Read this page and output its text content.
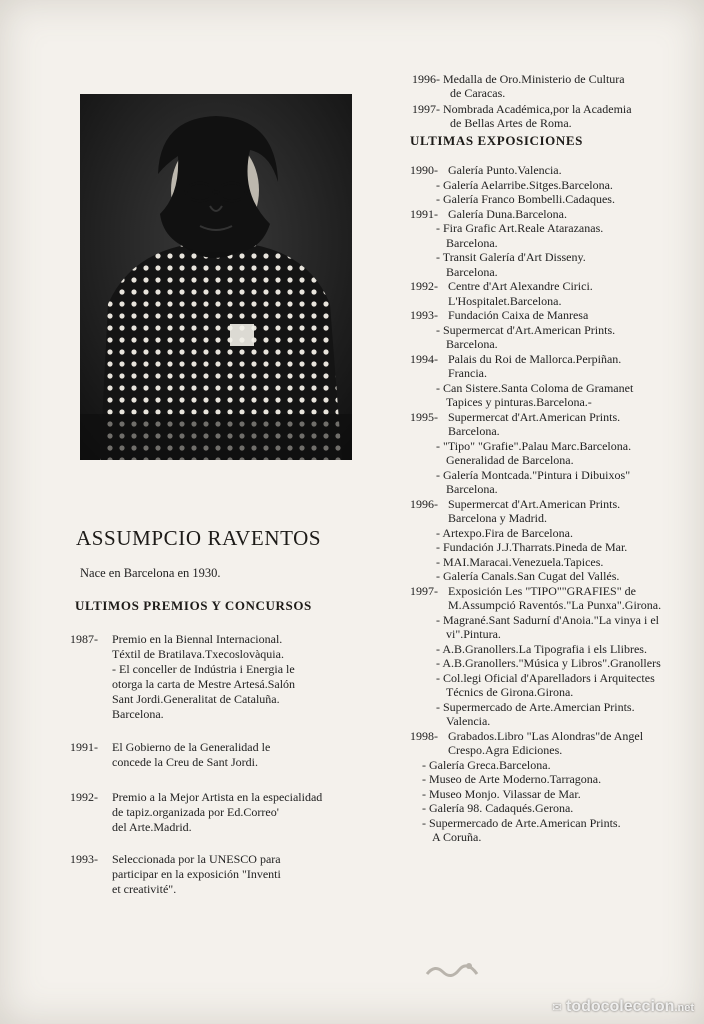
ASSUMPCIO RAVENTOS
Nace en Barcelona en 1930.
ULTIMOS PREMIOS Y CONCURSOS
1987- Premio en la Biennal Internacional.
Téxtil de Bratilava.Txecoslovàquia.
- El conceller de Indústria i Energia le
otorga la carta de Mestre Artesá.Salón
Sant Jordi.Generalitat de Cataluña.
Barcelona.
1991- El Gobierno de la Generalidad le
concede la Creu de Sant Jordi.
1992- Premio a la Mejor Artista en la especialidad
de tapiz.organizada por Ed.Correo'
del Arte.Madrid.
1993- Seleccionada por la UNESCO para
participar en la exposición "Inventi
et creativité".
1996- Medalla de Oro.Ministerio de Cultura
de Caracas.
1997- Nombrada Académica,por la Academia
de Bellas Artes de Roma.
ULTIMAS EXPOSICIONES
1990- Galería Punto.Valencia.
- Galería Aelarribe.Sitges.Barcelona.
- Galería Franco Bombelli.Cadaques.
1991- Galería Duna.Barcelona.
- Fira Grafic Art.Reale Atarazanas.
Barcelona.
- Transit Galería d'Art Disseny.
Barcelona.
1992- Centre d'Art Alexandre Cirici.
L'Hospitalet.Barcelona.
1993- Fundación Caixa de Manresa
- Supermercat d'Art.American Prints.
Barcelona.
1994- Palais du Roi de Mallorca.Perpiñan.
Francia.
- Can Sistere.Santa Coloma de Gramanet
Tapices y pinturas.Barcelona.-
1995- Supermercat d'Art.American Prints.
Barcelona.
- "Tipo" "Grafie".Palau Marc.Barcelona.
Generalidad de Barcelona.
- Galería Montcada."Pintura i Dibuixos"
Barcelona.
1996- Supermercat d'Art.American Prints.
Barcelona y Madrid.
- Artexpo.Fira de Barcelona.
- Fundación J.J.Tharrats.Pineda de Mar.
- MAI.Maracai.Venezuela.Tapices.
- Galería Canals.San Cugat del Vallés.
1997- Exposición Les "TIPO""GRAFIES" de
M.Assumpció Raventós."La Punxa".Girona.
- Magrané.Sant Sadurní d'Anoia."La vinya i el
vi".Pintura.
- A.B.Granollers.La Tipografia i els Llibres.
- A.B.Granollers."Música y Libros".Granollers
- Col.legi Oficial d'Aparelladors i Arquitectes
Técnics de Girona.Girona.
- Supermercado de Arte.Amercian Prints.
Valencia.
1998- Grabados.Libro "Las Alondras"de Angel
Crespo.Agra Ediciones.
- Galería Greca.Barcelona.
- Museo de Arte Moderno.Tarragona.
- Museo Monjo. Vilassar de Mar.
- Galería 98. Cadaqués.Gerona.
- Supermercado de Arte.American Prints.
A Coruña.
✉ todocoleccion.net
